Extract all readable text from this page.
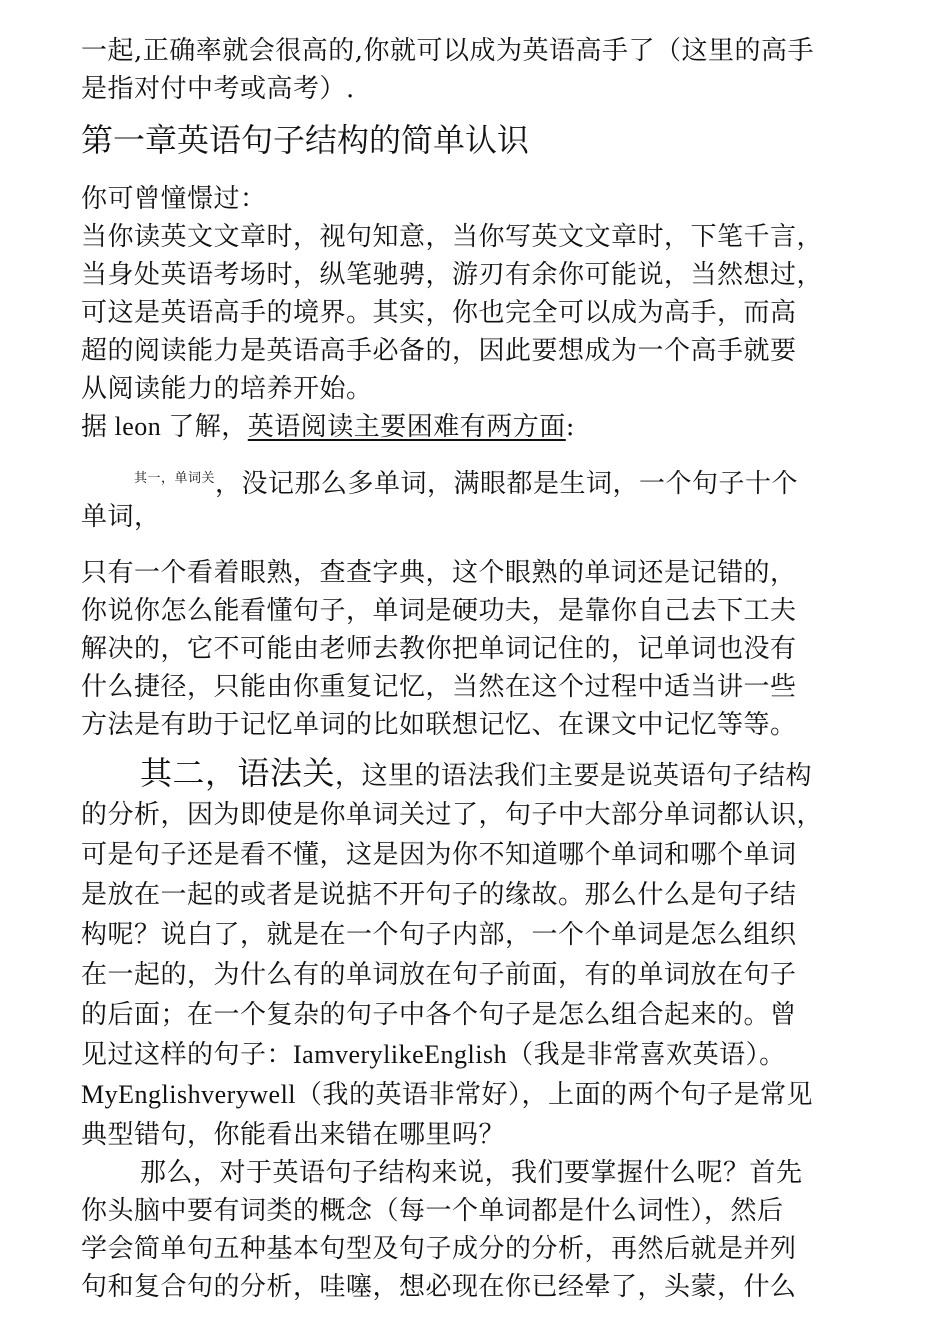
一起,正确率就会很高的,你就可以成为英语高手了（这里的高手
是指对付中考或高考）.
第一章英语句子结构的简单认识
你可曾憧憬过：
当你读英文文章时，视句知意，当你写英文文章时，下笔千言，
当身处英语考场时，纵笔驰骋，游刃有余你可能说，当然想过，
可这是英语高手的境界。其实，你也完全可以成为高手，而高
超的阅读能力是英语高手必备的，因此要想成为一个高手就要
从阅读能力的培养开始。
据 leon 了解，英语阅读主要困难有两方面:
$^{其一,单词关}$，没记那么多单词，满眼都是生词，一个句子十个
单词，
只有一个看着眼熟，查查字典，这个眼熟的单词还是记错的，
你说你怎么能看懂句子，单词是硬功夫，是靠你自己去下工夫
解决的，它不可能由老师去教你把单词记住的，记单词也没有
什么捷径，只能由你重复记忆，当然在这个过程中适当讲一些
方法是有助于记忆单词的比如联想记忆、在课文中记忆等等。
其二，语法关，这里的语法我们主要是说英语句子结构
的分析，因为即使是你单词关过了，句子中大部分单词都认识，
可是句子还是看不懂，这是因为你不知道哪个单词和哪个单词
是放在一起的或者是说掂不开句子的缘故。那么什么是句子结
构呢？说白了，就是在一个句子内部，一个个单词是怎么组织
在一起的，为什么有的单词放在句子前面，有的单词放在句子
的后面；在一个复杂的句子中各个句子是怎么组合起来的。曾
见过这样的句子：IamverylikeEnglish（我是非常喜欢英语）。
MyEnglishverywell（我的英语非常好），上面的两个句子是常见
典型错句，你能看出来错在哪里吗？
那么，对于英语句子结构来说，我们要掌握什么呢？首先
你头脑中要有词类的概念（每一个单词都是什么词性），然后
学会简单句五种基本句型及句子成分的分析，再然后就是并列
句和复合句的分析，哇噻，想必现在你已经晕了，头蒙，什么
